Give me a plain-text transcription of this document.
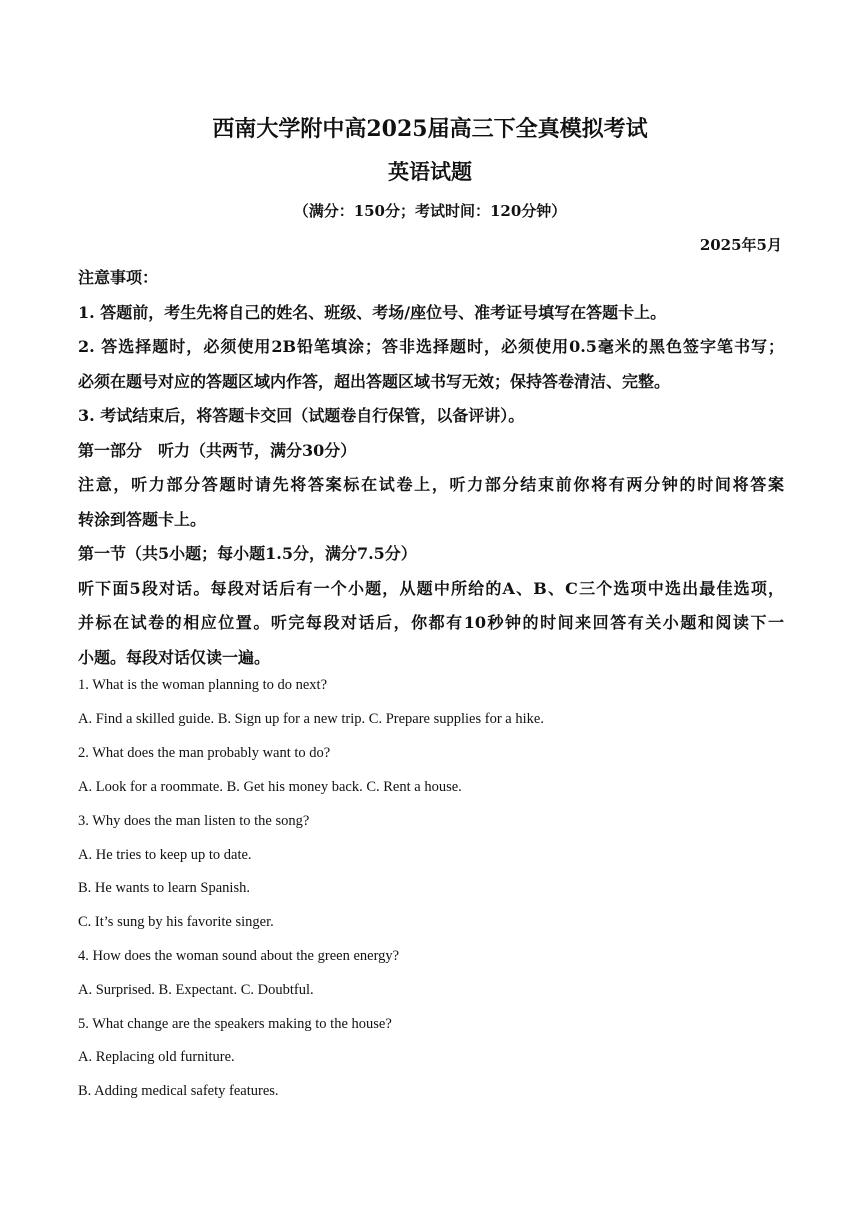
西南大学附中高2025届高三下全真模拟考试
英语试题
（满分：150分；考试时间：120分钟）
2025年5月
注意事项：
1. 答题前，考生先将自己的姓名、班级、考场/座位号、准考证号填写在答题卡上。
2. 答选择题时，必须使用2B铅笔填涂；答非选择题时，必须使用0.5毫米的黑色签字笔书写；
必须在题号对应的答题区域内作答，超出答题区域书写无效；保持答卷清洁、完整。
3. 考试结束后，将答题卡交回（试题卷自行保管，以备评讲）。
第一部分　听力（共两节，满分30分）
注意，听力部分答题时请先将答案标在试卷上，听力部分结束前你将有两分钟的时间将答案
转涂到答题卡上。
第一节（共5小题；每小题1.5分，满分7.5分）
听下面5段对话。每段对话后有一个小题，从题中所给的A、B、C三个选项中选出最佳选项，
并标在试卷的相应位置。听完每段对话后，你都有10秒钟的时间来回答有关小题和阅读下一
小题。每段对话仅读一遍。
1. What is the woman planning to do next?
A. Find a skilled guide. B. Sign up for a new trip. C. Prepare supplies for a hike.
2. What does the man probably want to do?
A. Look for a roommate. B. Get his money back. C. Rent a house.
3. Why does the man listen to the song?
A. He tries to keep up to date.
B. He wants to learn Spanish.
C. It’s sung by his favorite singer.
4. How does the woman sound about the green energy?
A. Surprised. B. Expectant. C. Doubtful.
5. What change are the speakers making to the house?
A. Replacing old furniture.
B. Adding medical safety features.
